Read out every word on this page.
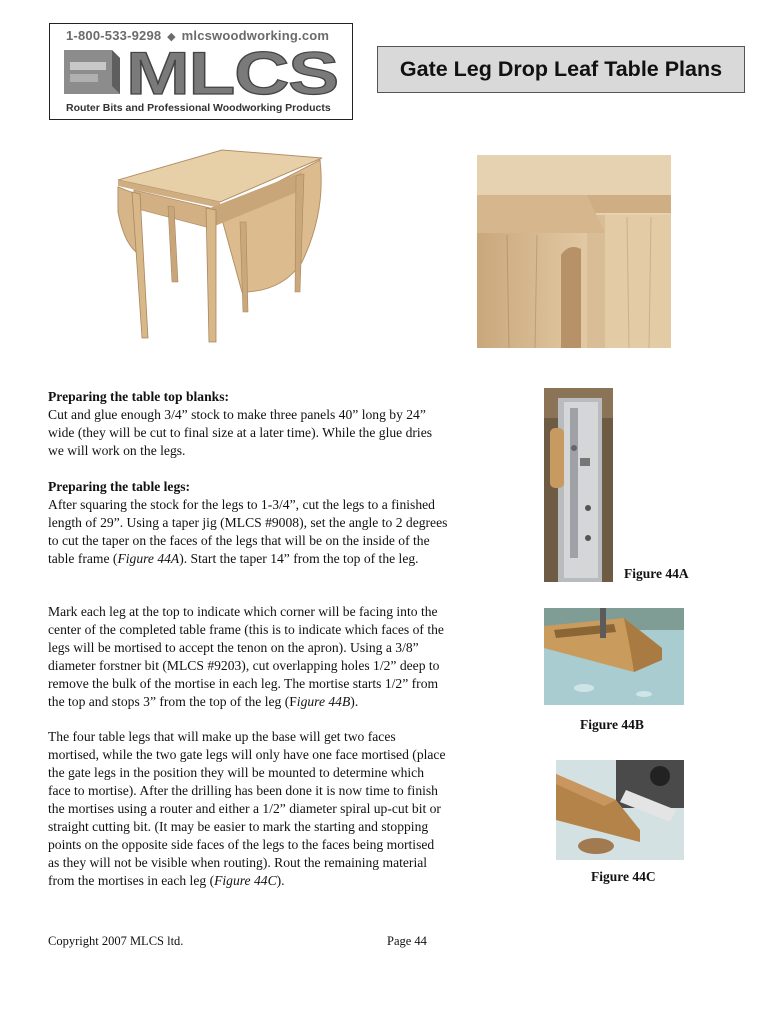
1-800-533-9298 ◆ mlcswoodworking.com
MLCS
Router Bits and Professional Woodworking Products
Gate Leg Drop Leaf Table Plans

Preparing the table top blanks:

Cut and glue enough 3/4” stock to make three panels 40” long by 24” wide (they will be cut to final size at a later time). While the glue dries we will work on the legs.

Preparing the table legs:

After squaring the stock for the legs to 1-3/4”, cut the legs to a finished length of 29”. Using a taper jig (MLCS #9008), set the angle to 2 degrees to cut the taper on the faces of the legs that will be on the inside of the table frame (Figure 44A). Start the taper 14” from the top of the leg.

Mark each leg at the top to indicate which corner will be facing into the center of the completed table frame (this is to indicate which faces of the legs will be mortised to accept the tenon on the apron). Using a 3/8” diameter forstner bit (MLCS #9203), cut overlapping holes 1/2” deep to remove the bulk of the mortise in each leg. The mortise starts 1/2” from the top and stops 3” from the top of the leg (Figure 44B).

The four table legs that will make up the base will get two faces mortised, while the two gate legs will only have one face mortised (place the gate legs in the position they will be mounted to determine which face to mortise). After the drilling has been done it is now time to finish the mortises using a router and either a 1/2” diameter spiral up-cut bit or straight cutting bit. (It may be easier to mark the starting and stopping points on the opposite side faces of the legs to the faces being mortised as they will not be visible when routing). Rout the remaining material from the mortises in each leg (Figure 44C).

Figure 44A
Figure 44B
Figure 44C
Copyright 2007 MLCS ltd.	Page 44
